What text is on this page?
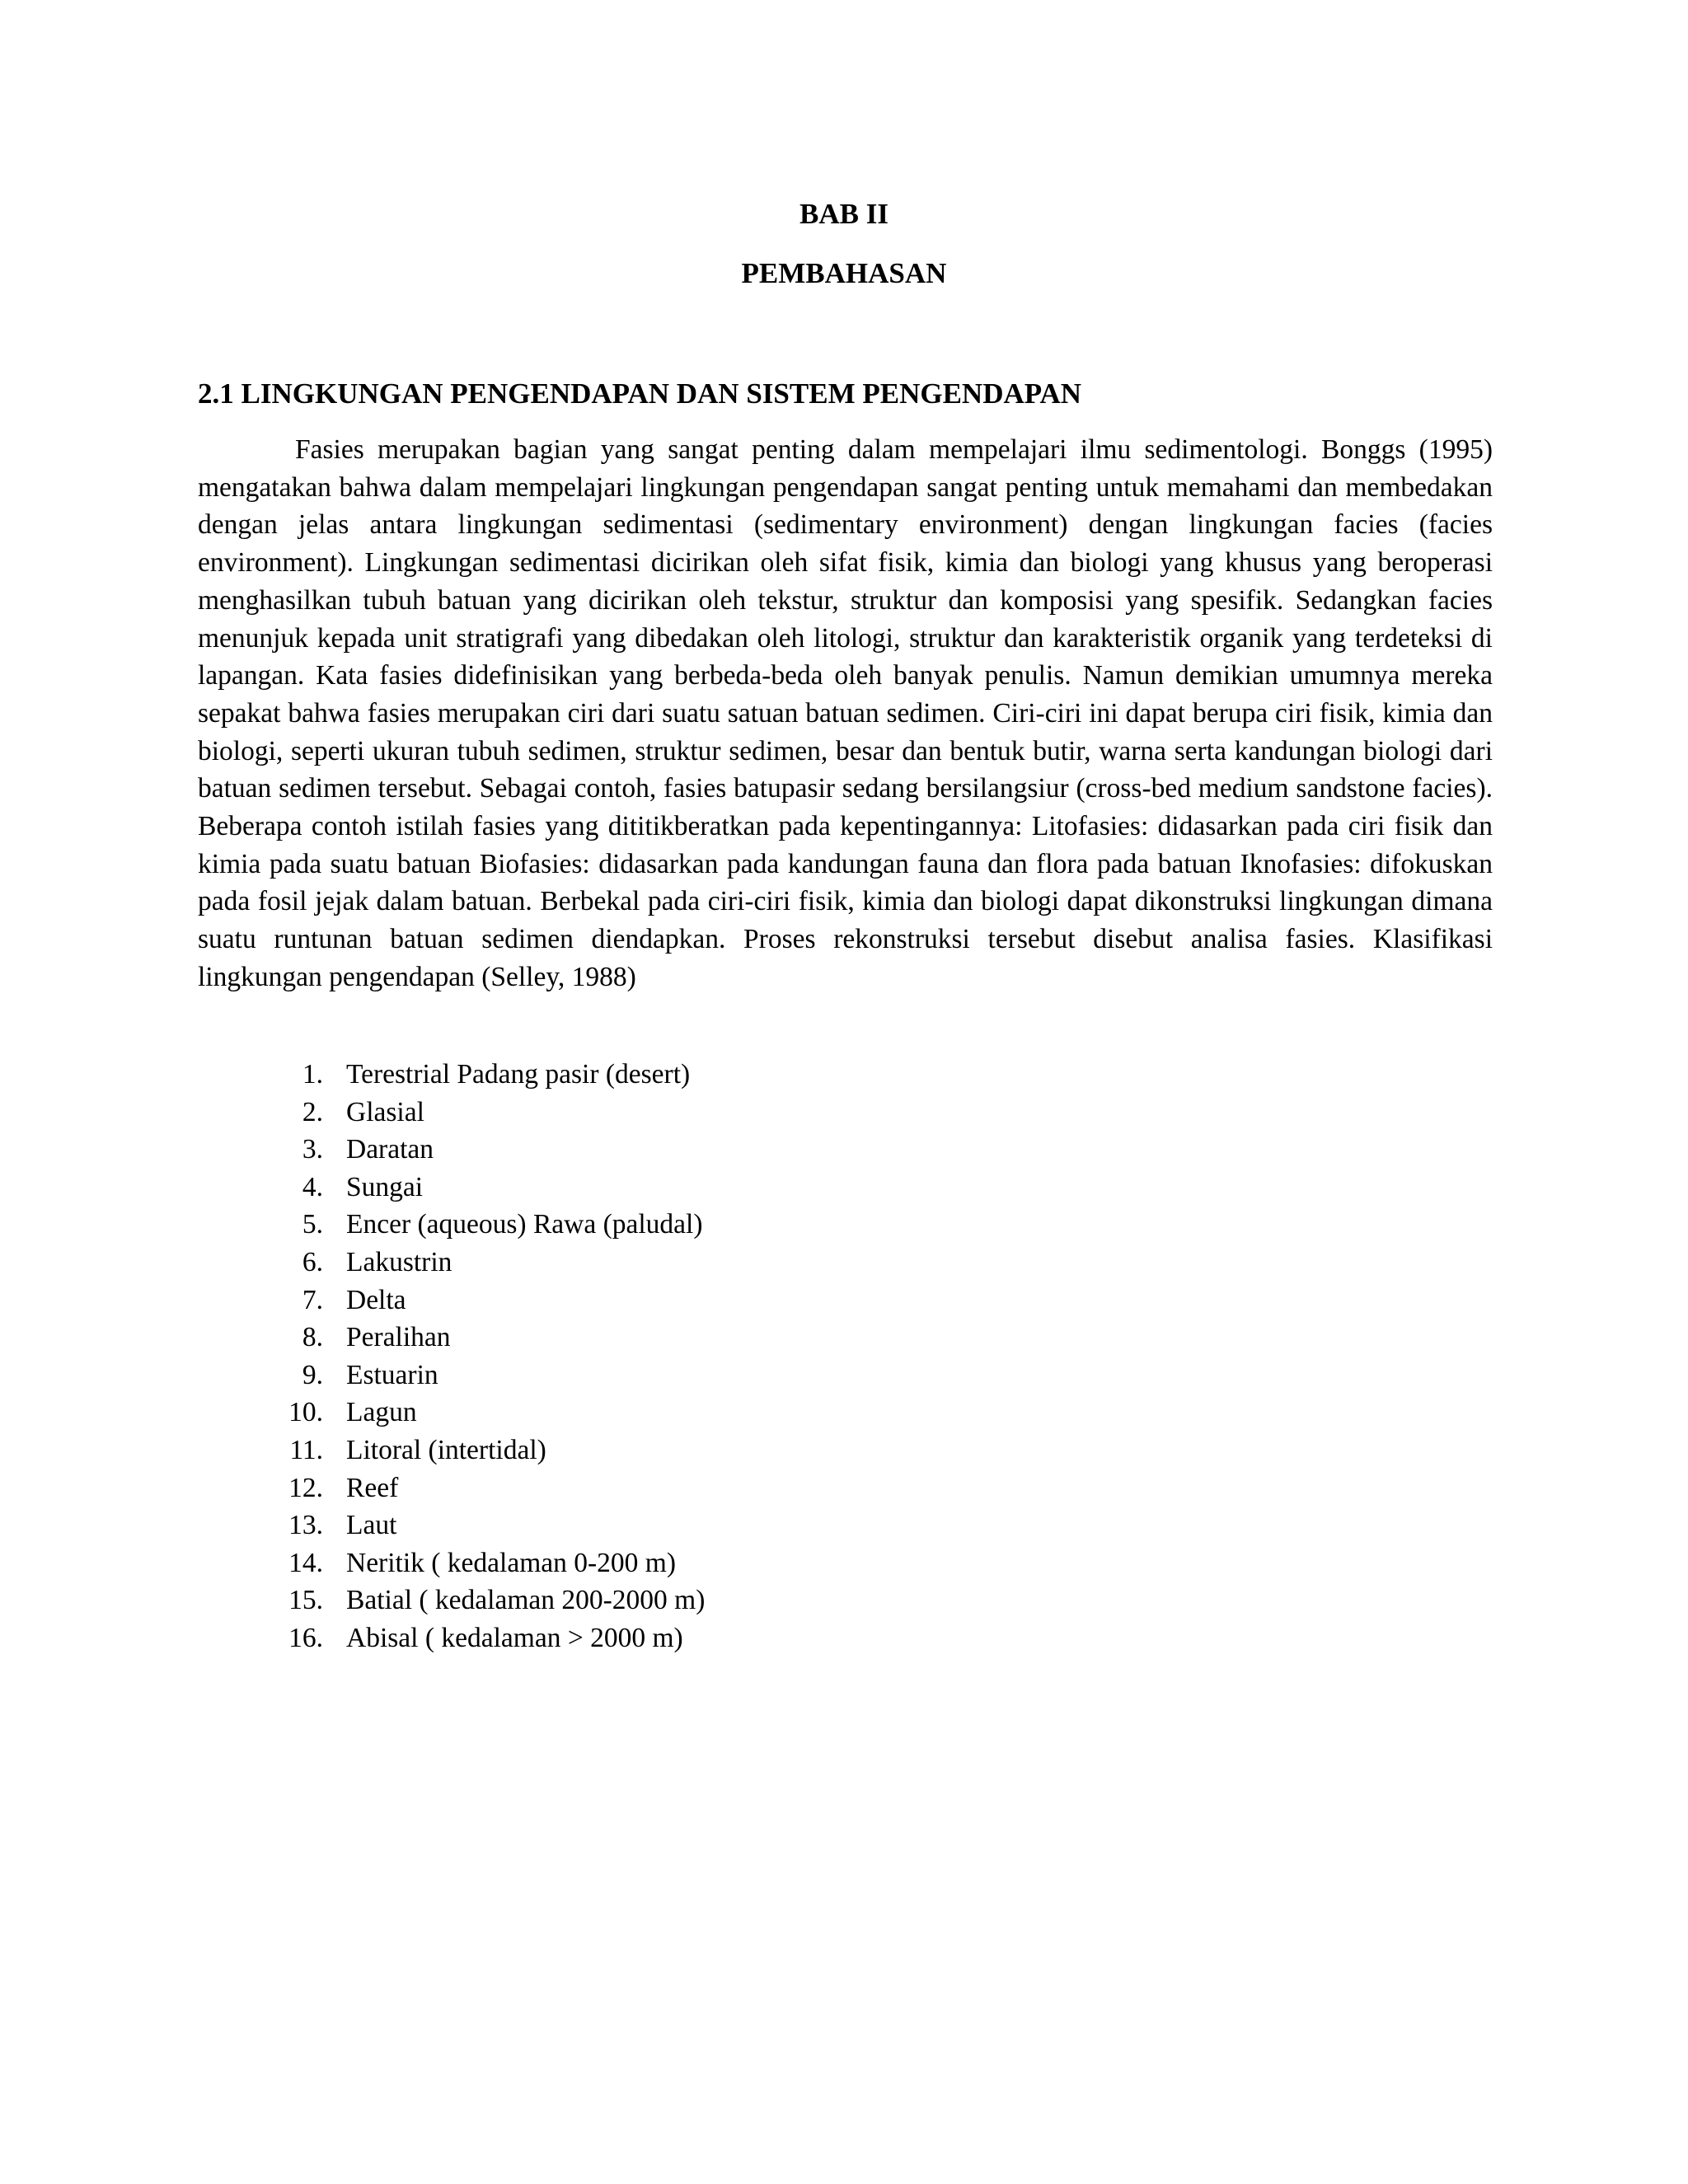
BAB II
PEMBAHASAN
2.1 LINGKUNGAN PENGENDAPAN DAN SISTEM PENGENDAPAN

Fasies merupakan bagian yang sangat penting dalam mempelajari ilmu sedimentologi. Bonggs (1995) mengatakan bahwa dalam mempelajari lingkungan pengendapan sangat penting untuk memahami dan membedakan dengan jelas antara lingkungan sedimentasi (sedimentary environment) dengan lingkungan facies (facies environment). Lingkungan sedimentasi dicirikan oleh sifat fisik, kimia dan biologi yang khusus yang beroperasi menghasilkan tubuh batuan yang dicirikan oleh tekstur, struktur dan komposisi yang spesifik. Sedangkan facies menunjuk kepada unit stratigrafi yang dibedakan oleh litologi, struktur dan karakteristik organik yang terdeteksi di lapangan. Kata fasies didefinisikan yang berbeda-beda oleh banyak penulis. Namun demikian umumnya mereka sepakat bahwa fasies merupakan ciri dari suatu satuan batuan sedimen. Ciri-ciri ini dapat berupa ciri fisik, kimia dan biologi, seperti ukuran tubuh sedimen, struktur sedimen, besar dan bentuk butir, warna serta kandungan biologi dari batuan sedimen tersebut. Sebagai contoh, fasies batupasir sedang bersilangsiur (cross-bed medium sandstone facies). Beberapa contoh istilah fasies yang dititikberatkan pada kepentingannya: Litofasies: didasarkan pada ciri fisik dan kimia pada suatu batuan Biofasies: didasarkan pada kandungan fauna dan flora pada batuan Iknofasies: difokuskan pada fosil jejak dalam batuan. Berbekal pada ciri-ciri fisik, kimia dan biologi dapat dikonstruksi lingkungan dimana suatu runtunan batuan sedimen diendapkan. Proses rekonstruksi tersebut disebut analisa fasies. Klasifikasi lingkungan pengendapan (Selley, 1988)

1. Terestrial Padang pasir (desert)
2. Glasial
3. Daratan
4. Sungai
5. Encer (aqueous) Rawa (paludal)
6. Lakustrin
7. Delta
8. Peralihan
9. Estuarin
10. Lagun
11. Litoral (intertidal)
12. Reef
13. Laut
14. Neritik ( kedalaman 0-200 m)
15. Batial ( kedalaman 200-2000 m)
16. Abisal ( kedalaman > 2000 m)
